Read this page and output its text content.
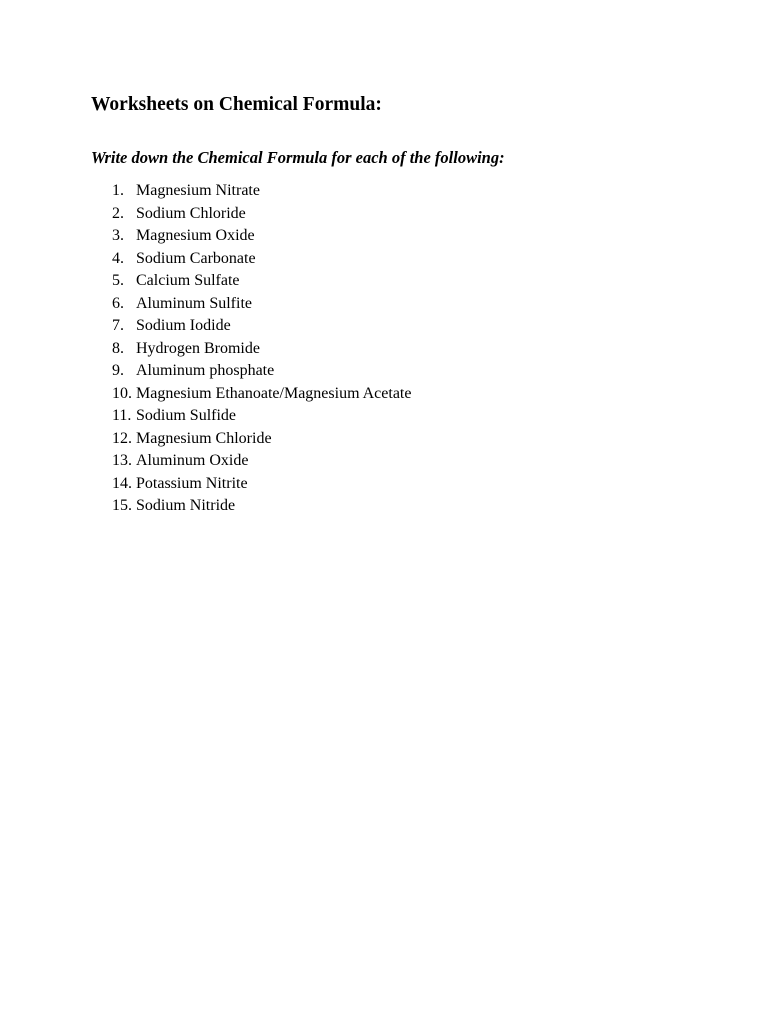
Worksheets on Chemical Formula:

Write down the Chemical Formula for each of the following:

1. Magnesium Nitrate
2. Sodium Chloride
3. Magnesium Oxide
4. Sodium Carbonate
5. Calcium Sulfate
6. Aluminum Sulfite
7. Sodium Iodide
8. Hydrogen Bromide
9. Aluminum phosphate
10. Magnesium Ethanoate/Magnesium Acetate
11. Sodium Sulfide
12. Magnesium Chloride
13. Aluminum Oxide
14. Potassium Nitrite
15. Sodium Nitride
